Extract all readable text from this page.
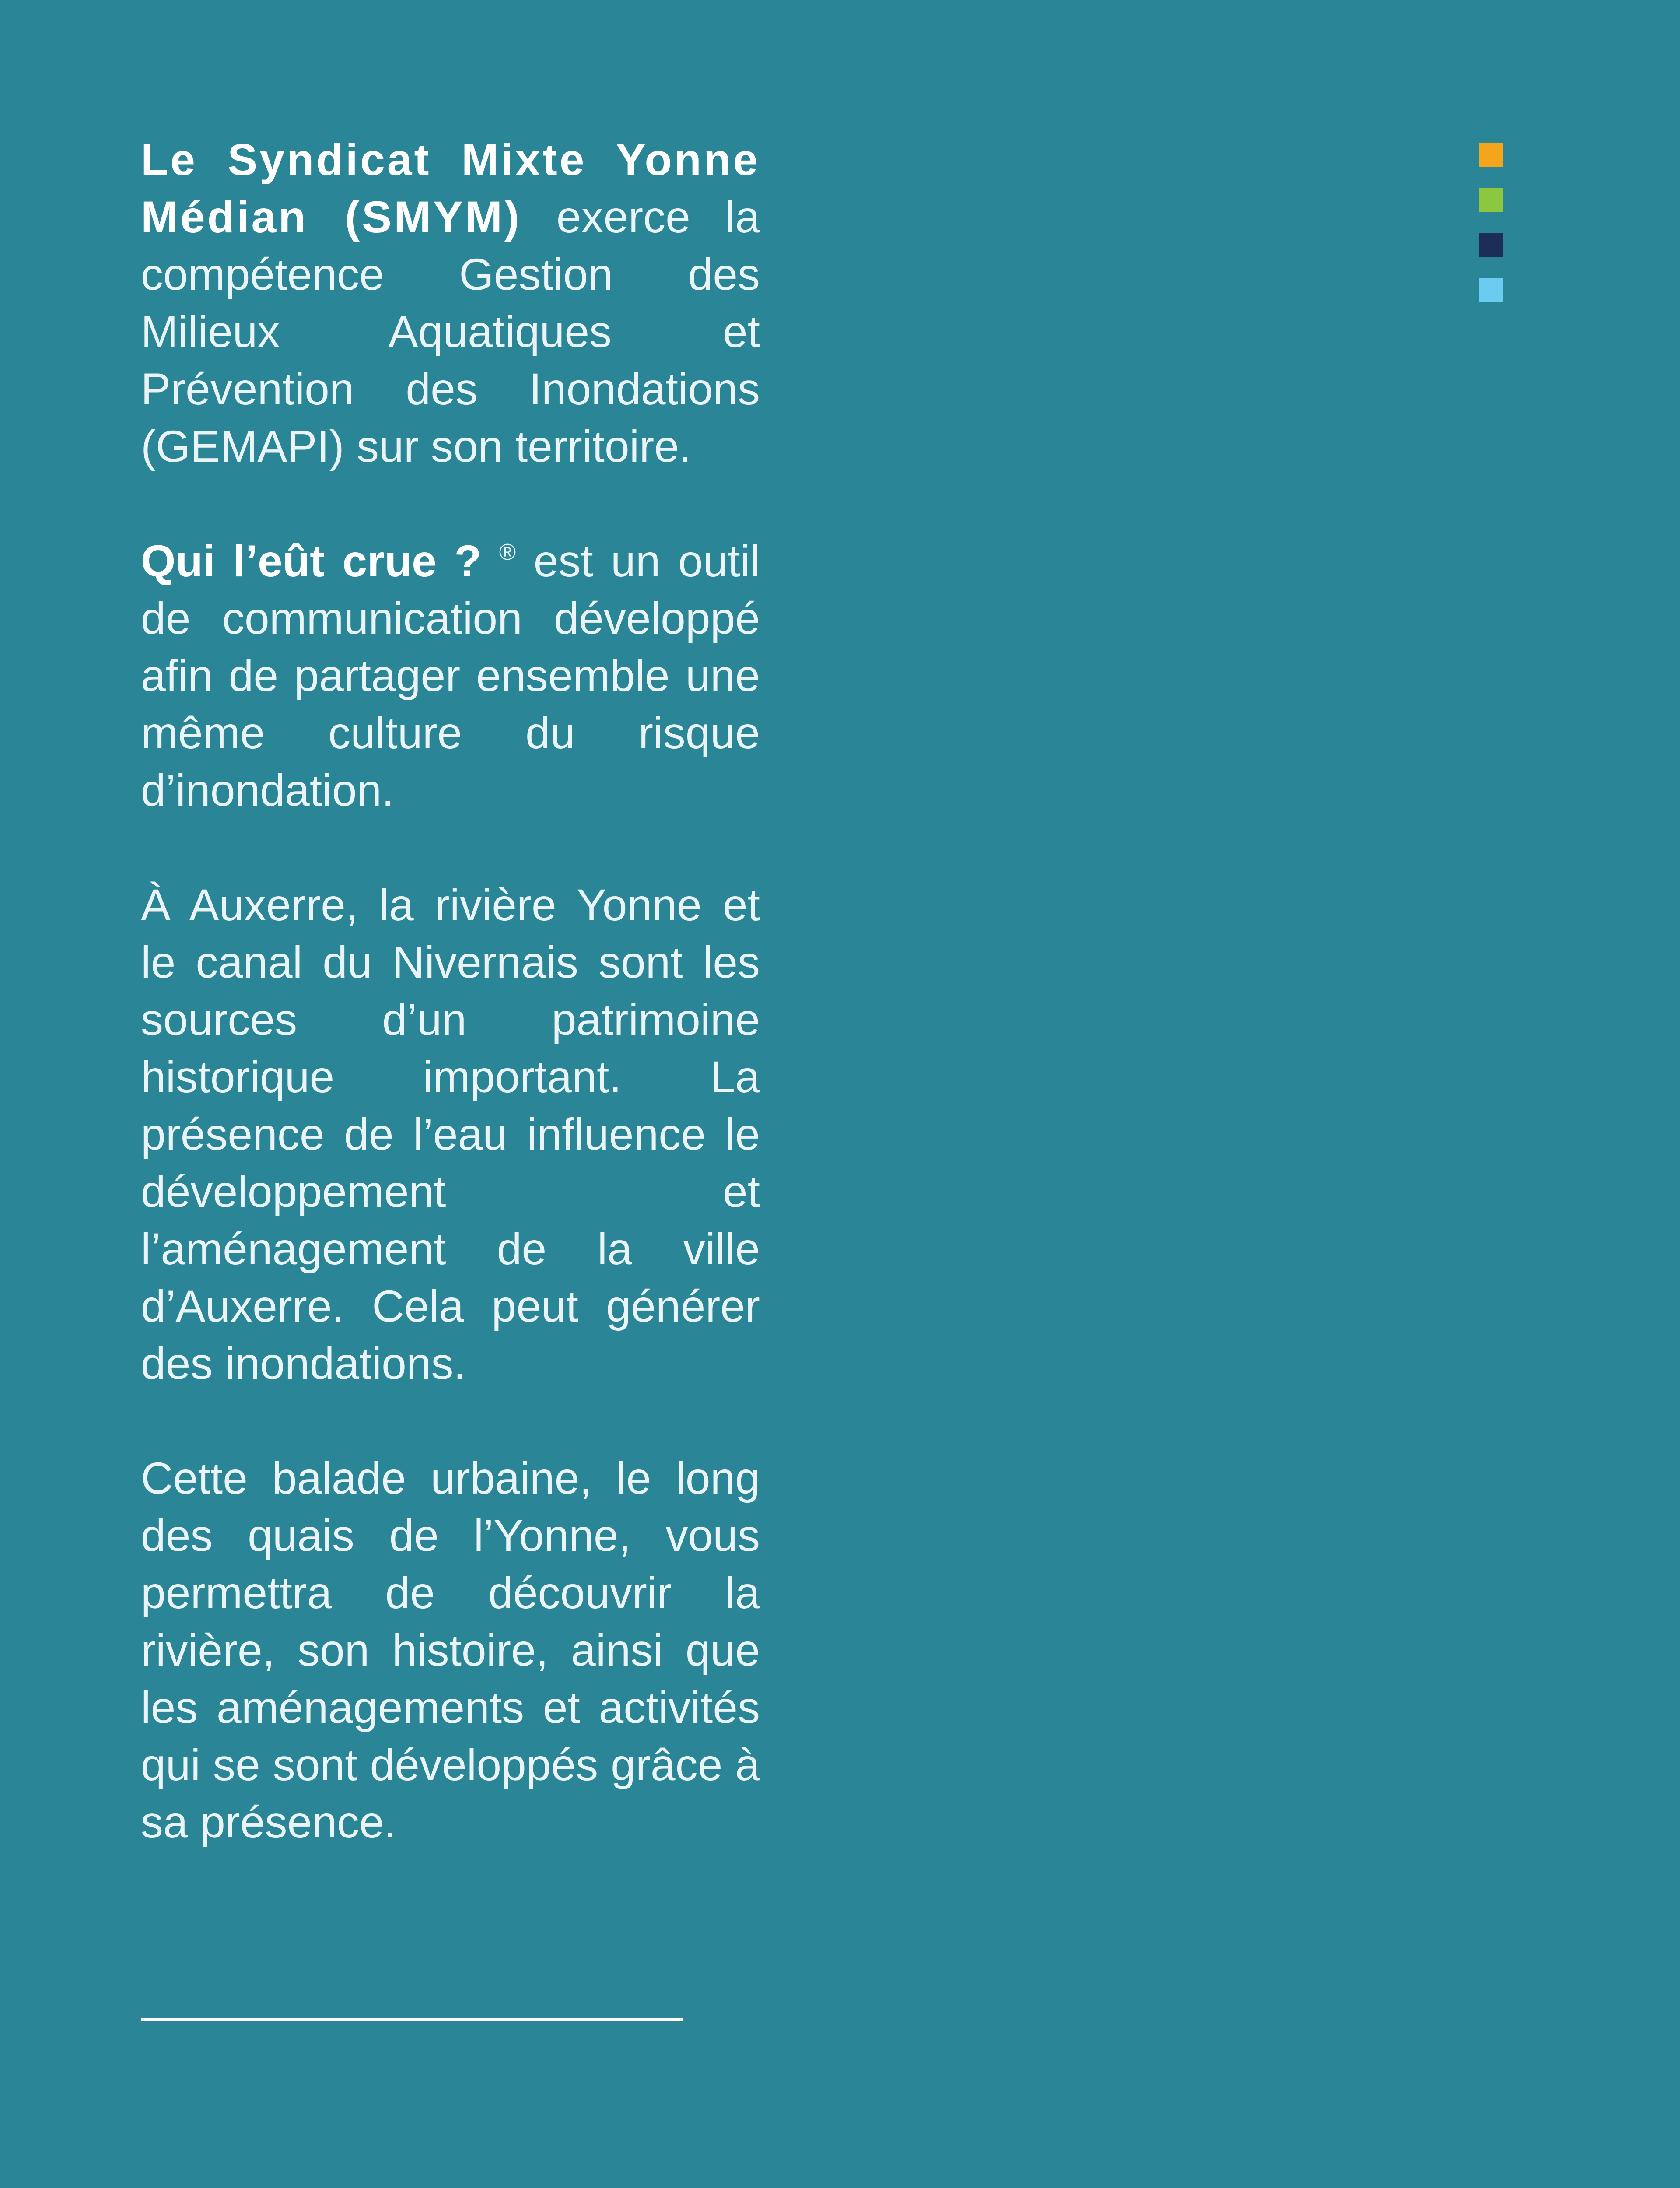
Le Syndicat Mixte Yonne Médian (SMYM) exerce la compétence Gestion des Milieux Aquatiques et Prévention des Inondations (GEMAPI) sur son territoire.

Qui l’eût crue ? ® est un outil de communication développé afin de partager ensemble une même culture du risque d’inondation.

À Auxerre, la rivière Yonne et le canal du Nivernais sont les sources d’un patrimoine historique important. La présence de l’eau influence le développement et l’aménagement de la ville d’Auxerre. Cela peut générer des inondations.

Cette balade urbaine, le long des quais de l’Yonne, vous permettra de découvrir la rivière, son histoire, ainsi que les aménagements et activités qui se sont développés grâce à sa présence.
